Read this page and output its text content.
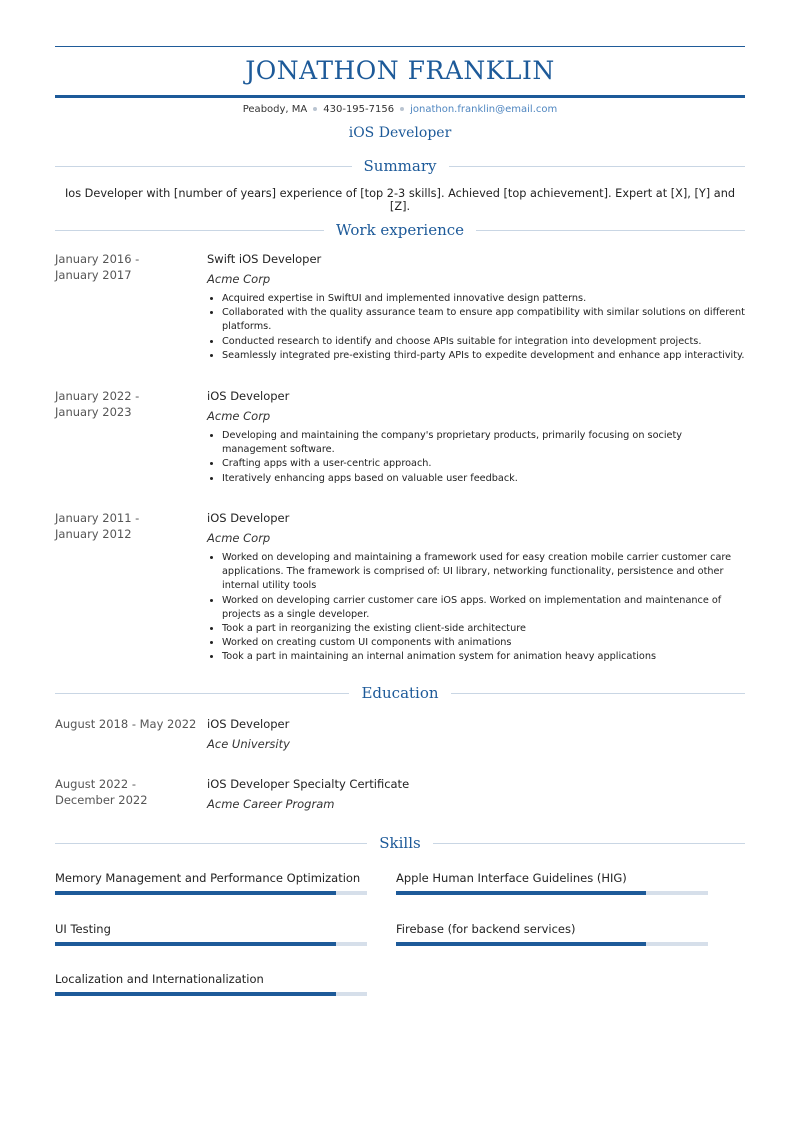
JONATHON FRANKLIN
Peabody, MA 430-195-7156 jonathon.franklin@email.com
iOS Developer
Summary
Ios Developer with [number of years] experience of [top 2-3 skills]. Achieved [top achievement]. Expert at [X], [Y] and [Z].
Work experience
January 2016 -
January 2017
Swift iOS Developer
Acme Corp
• Acquired expertise in SwiftUI and implemented innovative design patterns.
• Collaborated with the quality assurance team to ensure app compatibility with similar solutions on different platforms.
• Conducted research to identify and choose APIs suitable for integration into development projects.
• Seamlessly integrated pre-existing third-party APIs to expedite development and enhance app interactivity.
January 2022 -
January 2023
iOS Developer
Acme Corp
• Developing and maintaining the company's proprietary products, primarily focusing on society management software.
• Crafting apps with a user-centric approach.
• Iteratively enhancing apps based on valuable user feedback.
January 2011 -
January 2012
iOS Developer
Acme Corp
• Worked on developing and maintaining a framework used for easy creation mobile carrier customer care applications. The framework is comprised of: UI library, networking functionality, persistence and other internal utility tools
• Worked on developing carrier customer care iOS apps. Worked on implementation and maintenance of projects as a single developer.
• Took a part in reorganizing the existing client-side architecture
• Worked on creating custom UI components with animations
• Took a part in maintaining an internal animation system for animation heavy applications
Education
August 2018 - May 2022 iOS Developer
Ace University
August 2022 -
December 2022
iOS Developer Specialty Certificate
Acme Career Program
Skills
Memory Management and Performance Optimization	Apple Human Interface Guidelines (HIG)
UI Testing	Firebase (for backend services)
Localization and Internationalization
